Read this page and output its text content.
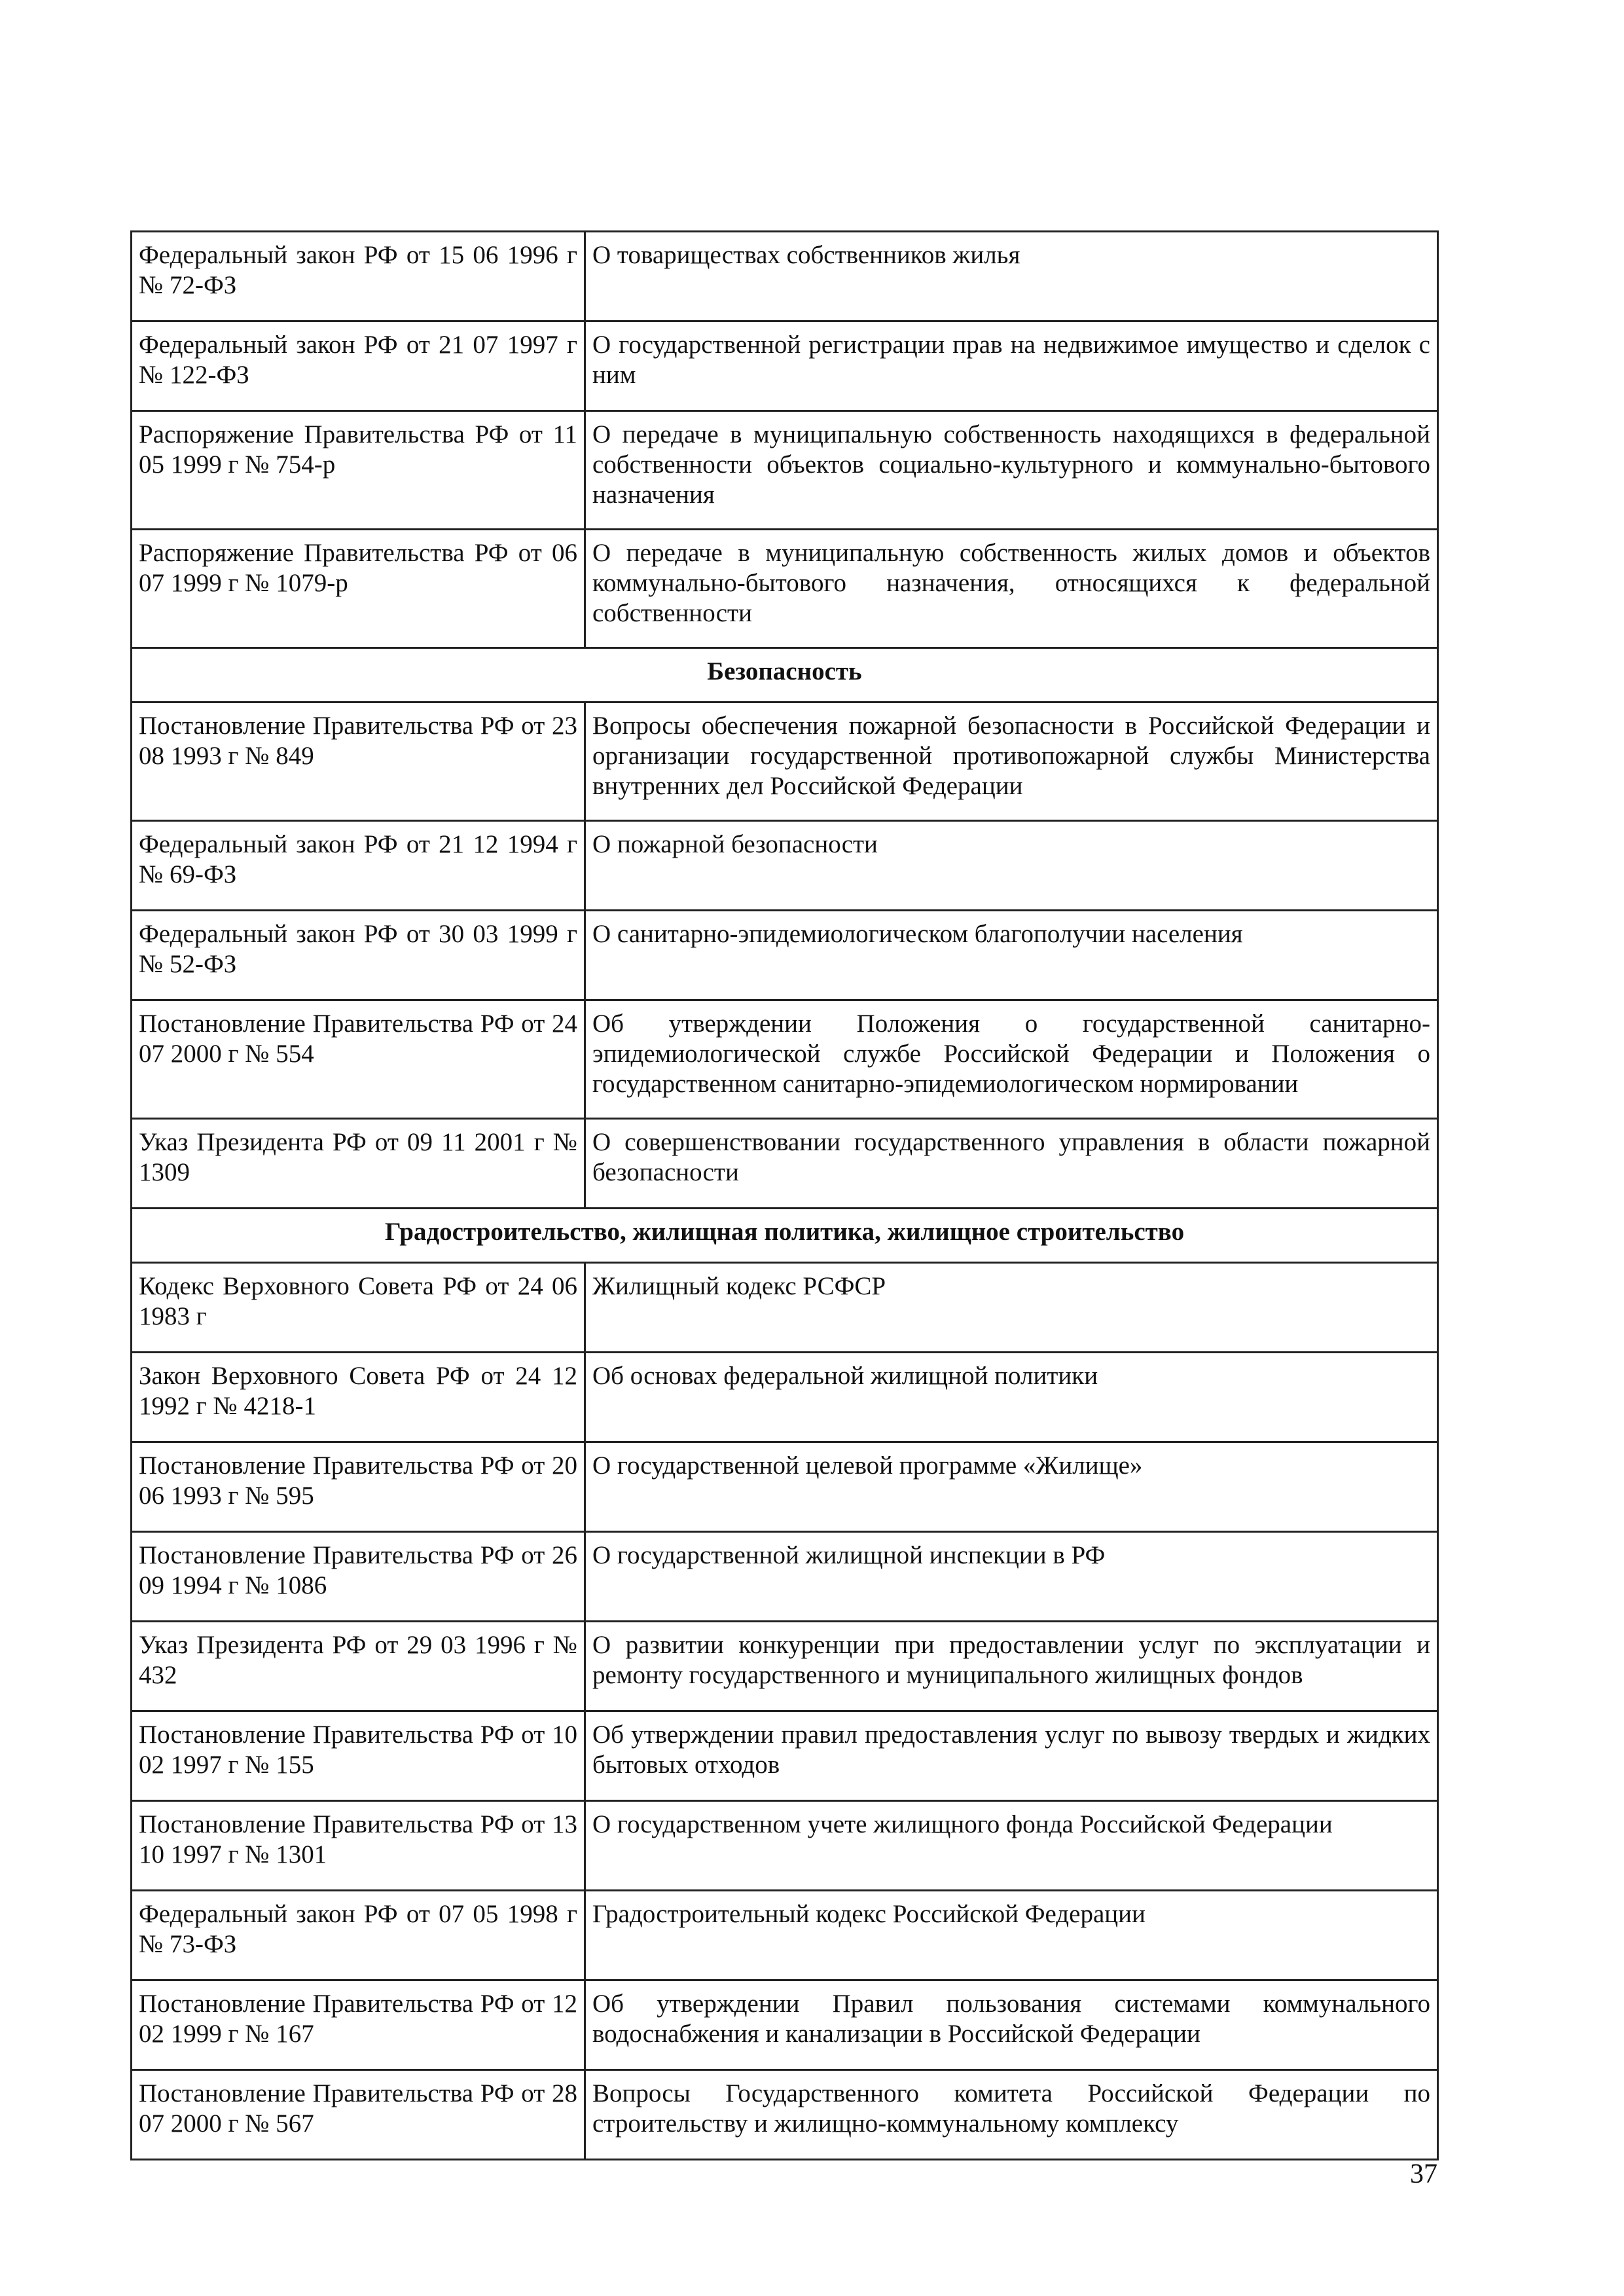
Федеральный закон РФ от 15 06 1996 г № 72-ФЗ	О товариществах собственников жилья
Федеральный закон РФ от 21 07 1997 г № 122-ФЗ	О государственной регистрации прав на недвижимое имущество и сделок с ним
Распоряжение Правительства РФ от 11 05 1999 г № 754-р	О передаче в муниципальную собственность находящихся в федеральной собственности объектов социально-культурного и коммунально-бытового назначения
Распоряжение Правительства РФ от 06 07 1999 г № 1079-р	О передаче в муниципальную собственность жилых домов и объектов коммунально-бытового назначения, относящихся к федеральной собственности
Безопасность	
Постановление Правительства РФ от 23 08 1993 г № 849	Вопросы обеспечения пожарной безопасности в Российской Федерации и организации государственной противопожарной службы Министерства внутренних дел Российской Федерации
Федеральный закон РФ от 21 12 1994 г № 69-ФЗ	О пожарной безопасности
Федеральный закон РФ от 30 03 1999 г № 52-ФЗ	О санитарно-эпидемиологическом благополучии населения
Постановление Правительства РФ от 24 07 2000 г № 554	Об утверждении Положения о государственной санитарно-эпидемиологической службе Российской Федерации и Положения о государственном санитарно-эпидемиологическом нормировании
Указ Президента РФ от 09 11 2001 г № 1309	О совершенствовании государственного управления в области пожарной безопасности
Градостроительство, жилищная политика, жилищное строительство	
Кодекс Верховного Совета РФ от 24 06 1983 г	Жилищный кодекс РСФСР
Закон Верховного Совета РФ от 24 12 1992 г № 4218-1	Об основах федеральной жилищной политики
Постановление Правительства РФ от 20 06 1993 г № 595	О государственной целевой программе «Жилище»
Постановление Правительства РФ от 26 09 1994 г № 1086	О государственной жилищной инспекции в РФ
Указ Президента РФ от 29 03 1996 г № 432	О развитии конкуренции при предоставлении услуг по эксплуатации и ремонту государственного и муниципального жилищных фондов
Постановление Правительства РФ от 10 02 1997 г № 155	Об утверждении правил предоставления услуг по вывозу твердых и жидких бытовых отходов
Постановление Правительства РФ от 13 10 1997 г № 1301	О государственном учете жилищного фонда Российской Федерации
Федеральный закон РФ от 07 05 1998 г № 73-ФЗ	Градостроительный кодекс Российской Федерации
Постановление Правительства РФ от 12 02 1999 г № 167	Об утверждении Правил пользования системами коммунального водоснабжения и канализации в Российской Федерации
Постановление Правительства РФ от 28 07 2000 г № 567	Вопросы Государственного комитета Российской Федерации по строительству и жилищно-коммунальному комплексу
37
